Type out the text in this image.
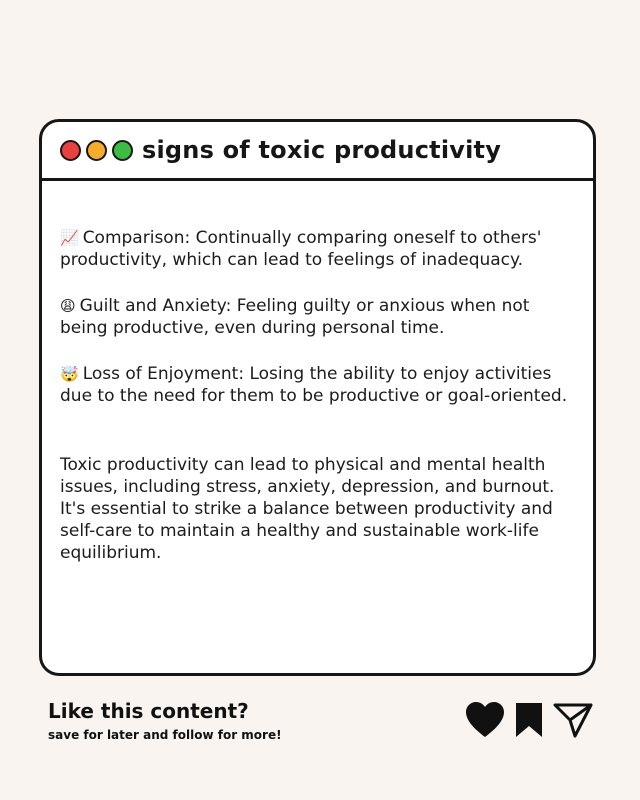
signs of toxic productivity

📈 Comparison: Continually comparing oneself to others' productivity, which can lead to feelings of inadequacy.

😩 Guilt and Anxiety: Feeling guilty or anxious when not being productive, even during personal time.

🤯 Loss of Enjoyment: Losing the ability to enjoy activities due to the need for them to be productive or goal-oriented.

Toxic productivity can lead to physical and mental health issues, including stress, anxiety, depression, and burnout. It's essential to strike a balance between productivity and self-care to maintain a healthy and sustainable work-life equilibrium.

Like this content?
save for later and follow for more!
